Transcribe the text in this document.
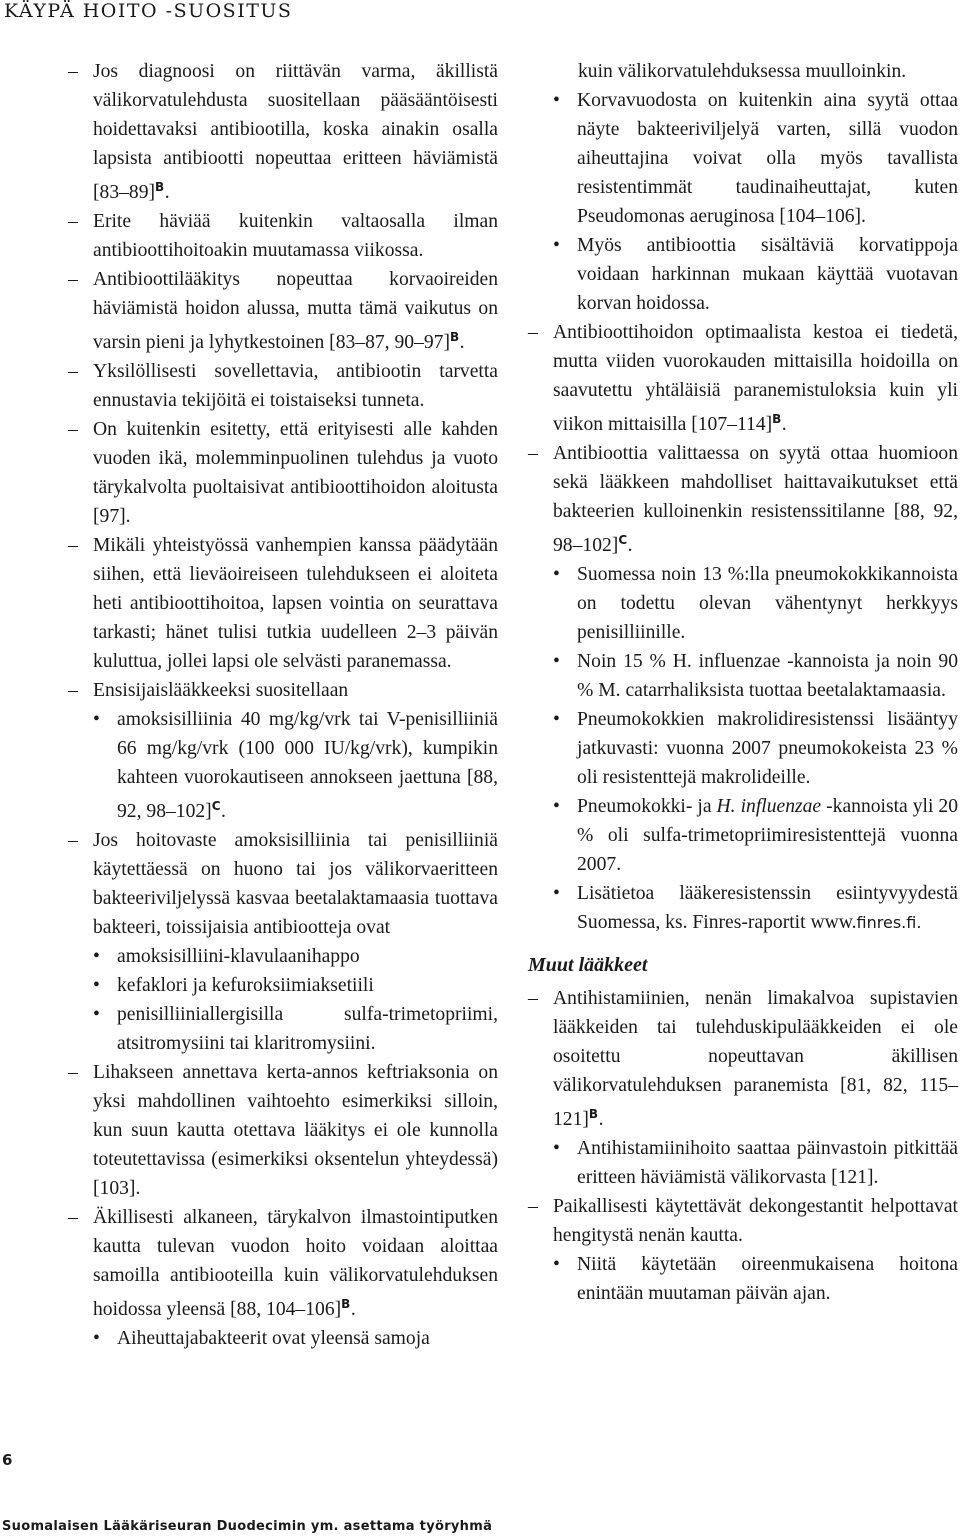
KÄYPÄ HOITO -SUOSITUS
– Jos diagnoosi on riittävän varma, äkillistä välikorvatulehdusta suositellaan pääsääntöisesti hoidettavaksi antibiootilla, koska ainakin osalla lapsista antibiootti nopeuttaa eritteen häviämistä $[83-89]^B$.
– Erite häviää kuitenkin valtaosalla ilman antibioottihoitoakin muutamassa viikossa.
– Antibioottilääkitys nopeuttaa korvaoireiden häviämistä hoidon alussa, mutta tämä vaikutus on varsin pieni ja lyhytkestoinen [83–87, 90–97]$^B$.
– Yksilöllisesti sovellettavia, antibiootin tarvetta ennustavia tekijöitä ei toistaiseksi tunneta.
– On kuitenkin esitetty, että erityisesti alle kahden vuoden ikä, molemminpuolinen tulehdus ja vuoto tärykalvolta puoltaisivat antibioottihoidon aloitusta [97].
– Mikäli yhteistyössä vanhempien kanssa päädytään siihen, että lieväoireiseen tulehdukseen ei aloiteta heti antibioottihoitoa, lapsen vointia on seurattava tarkasti; hänet tulisi tutkia uudelleen 2–3 päivän kuluttua, jollei lapsi ole selvästi paranemassa.
– Ensisijaislääkkeeksi suositellaan
• amoksisilliinia 40 mg/kg/vrk tai V-penisilliiniä 66 mg/kg/vrk (100 000 IU/kg/vrk), kumpikin kahteen vuorokautiseen annokseen jaettuna [88, 92, 98–102]$^C$.
– Jos hoitovaste amoksisilliinia tai penisilliiniä käytettäessä on huono tai jos välikorvaeritteen bakteeriviljelyssä kasvaa beetalaktamaasia tuottava bakteeri, toissijaisia antibiootteja ovat
• amoksisilliini-klavulaanihappo
• kefaklori ja kefuroksiimiaksetiili
• penisilliiniallergisilla sulfa-trimetopriimi, atsitromysiini tai klaritromysiini.
– Lihakseen annettava kerta-annos keftriaksonia on yksi mahdollinen vaihtoehto esimerkiksi silloin, kun suun kautta otettava lääkitys ei ole kunnolla toteutettavissa (esimerkiksi oksentelun yhteydessä) [103].
– Äkillisesti alkaneen, tärykalvon ilmastointiputken kautta tulevan vuodon hoito voidaan aloittaa samoilla antibiooteilla kuin välikorvatulehduksen hoidossa yleensä [88, 104–106]$^B$.
• Aiheuttajabakteerit ovat yleensä samoja
kuin välikorvatulehduksessa muulloinkin.
• Korvavuodosta on kuitenkin aina syytä ottaa näyte bakteeriviljelyä varten, sillä vuodon aiheuttajina voivat olla myös tavallista resistentimmät taudinaiheuttajat, kuten Pseudomonas aeruginosa [104–106].
• Myös antibioottia sisältäviä korvatippoja voidaan harkinnan mukaan käyttää vuotavan korvan hoidossa.
– Antibioottihoidon optimaalista kestoa ei tiedetä, mutta viiden vuorokauden mittaisilla hoidoilla on saavutettu yhtäläisiä paranemistuloksia kuin yli viikon mittaisilla $[107-114]^B$.
– Antibioottia valittaessa on syytä ottaa huomioon sekä lääkkeen mahdolliset haittavaikutukset että bakteerien kulloinenkin resistenssitilanne [88, 92, 98–102]$^C$.
• Suomessa noin 13 %:lla pneumokokkikannoista on todettu olevan vähentynyt herkkyys penisilliinille.
• Noin 15 % H. influenzae -kannoista ja noin 90 % M. catarrhaliksista tuottaa beetalaktamaasia.
• Pneumokokkien makrolidiresistenssi lisääntyy jatkuvasti: vuonna 2007 pneumokokeista 23 % oli resistenttejä makrolideille.
• Pneumokokki- ja H. influenzae -kannoista yli 20 % oli sulfa-trimetopriimiresistenttejä vuonna 2007.
• Lisätietoa lääkeresistenssin esiintyvyydestä Suomessa, ks. Finres-raportit www.finres.fi.
Muut lääkkeet
– Antihistamiinien, nenän limakalvoa supistavien lääkkeiden tai tulehduskipulääkkeiden ei ole osoitettu nopeuttavan äkillisen välikorvatulehduksen paranemista [81, 82, 115–121]$^B$.
• Antihistamiinihoito saattaa päinvastoin pitkittää eritteen häviämistä välikorvasta [121].
– Paikallisesti käytettävät dekongestantit helpottavat hengitystä nenän kautta.
• Niitä käytetään oireenmukaisena hoitona enintään muutaman päivän ajan.
6
Suomalaisen Lääkäriseuran Duodecimin ym. asettama työryhmä
